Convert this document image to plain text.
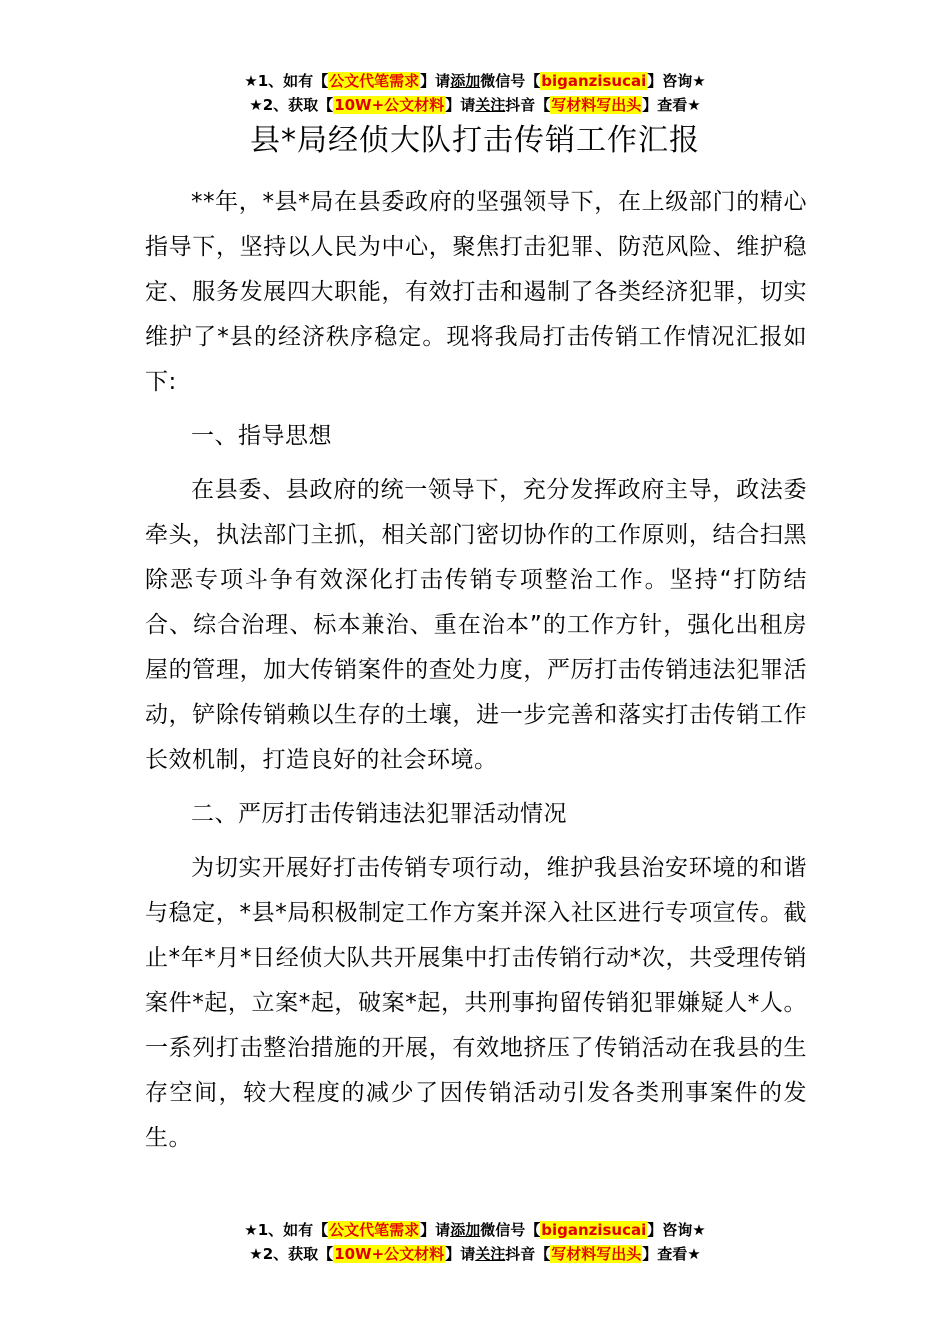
★1、如有【公文代笔需求】请添加微信号【biganzisucai】咨询★
★2、获取【10W+公文材料】请关注抖音【写材料写出头】查看★
县*局经侦大队打击传销工作汇报

**年，*县*局在县委政府的坚强领导下，在上级部门的精心指导下，坚持以人民为中心，聚焦打击犯罪、防范风险、维护稳定、服务发展四大职能，有效打击和遏制了各类经济犯罪，切实维护了*县的经济秩序稳定。现将我局打击传销工作情况汇报如下:

一、指导思想

在县委、县政府的统一领导下，充分发挥政府主导，政法委牵头，执法部门主抓，相关部门密切协作的工作原则，结合扫黑除恶专项斗争有效深化打击传销专项整治工作。坚持“打防结合、综合治理、标本兼治、重在治本”的工作方针，强化出租房屋的管理，加大传销案件的查处力度，严厉打击传销违法犯罪活动，铲除传销赖以生存的土壤，进一步完善和落实打击传销工作长效机制，打造良好的社会环境。

二、严厉打击传销违法犯罪活动情况

为切实开展好打击传销专项行动，维护我县治安环境的和谐与稳定，*县*局积极制定工作方案并深入社区进行专项宣传。截止*年*月*日经侦大队共开展集中打击传销行动*次，共受理传销案件*起，立案*起，破案*起，共刑事拘留传销犯罪嫌疑人*人。一系列打击整治措施的开展，有效地挤压了传销活动在我县的生存空间，较大程度的减少了因传销活动引发各类刑事案件的发生。

★1、如有【公文代笔需求】请添加微信号【biganzisucai】咨询★
★2、获取【10W+公文材料】请关注抖音【写材料写出头】查看★
